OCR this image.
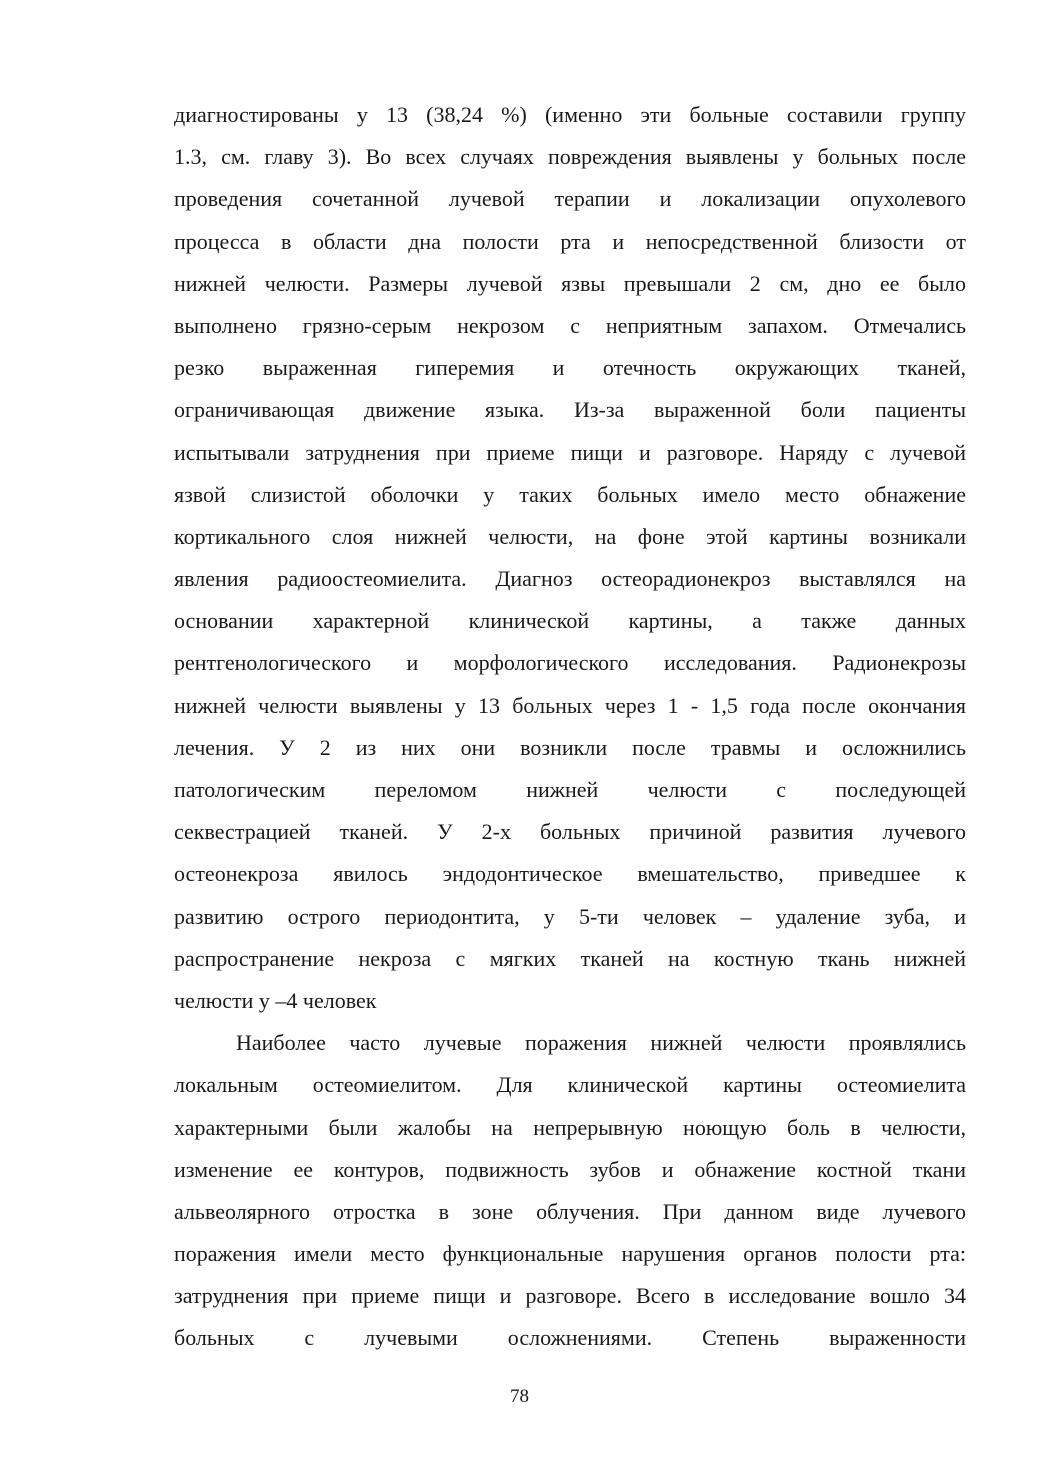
диагностированы у 13 (38,24 %) (именно эти больные составили группу
1.3, см. главу 3). Во всех случаях повреждения выявлены у больных после
проведения сочетанной лучевой терапии и локализации опухолевого
процесса в области дна полости рта и непосредственной близости от
нижней челюсти. Размеры лучевой язвы превышали 2 см, дно ее было
выполнено грязно-серым некрозом с неприятным запахом. Отмечались
резко выраженная гиперемия и отечность окружающих тканей,
ограничивающая движение языка. Из-за выраженной боли пациенты
испытывали затруднения при приеме пищи и разговоре. Наряду с лучевой
язвой слизистой оболочки у таких больных имело место обнажение
кортикального слоя нижней челюсти, на фоне этой картины возникали
явления радиоостеомиелита. Диагноз остеорадионекроз выставлялся на
основании характерной клинической картины, а также данных
рентгенологического и морфологического исследования. Радионекрозы
нижней челюсти выявлены у 13 больных через 1 - 1,5 года после окончания
лечения. У 2 из них они возникли после травмы и осложнились
патологическим переломом нижней челюсти с последующей
секвестрацией тканей. У 2-х больных причиной развития лучевого
остеонекроза явилось эндодонтическое вмешательство, приведшее к
развитию острого периодонтита, у 5-ти человек – удаление зуба, и
распространение некроза с мягких тканей на костную ткань нижней
челюсти у –4 человек
Наиболее часто лучевые поражения нижней челюсти проявлялись
локальным остеомиелитом. Для клинической картины остеомиелита
характерными были жалобы на непрерывную ноющую боль в челюсти,
изменение ее контуров, подвижность зубов и обнажение костной ткани
альвеолярного отростка в зоне облучения. При данном виде лучевого
поражения имели место функциональные нарушения органов полости рта:
затруднения при приеме пищи и разговоре. Всего в исследование вошло 34
больных с лучевыми осложнениями. Степень выраженности
78
